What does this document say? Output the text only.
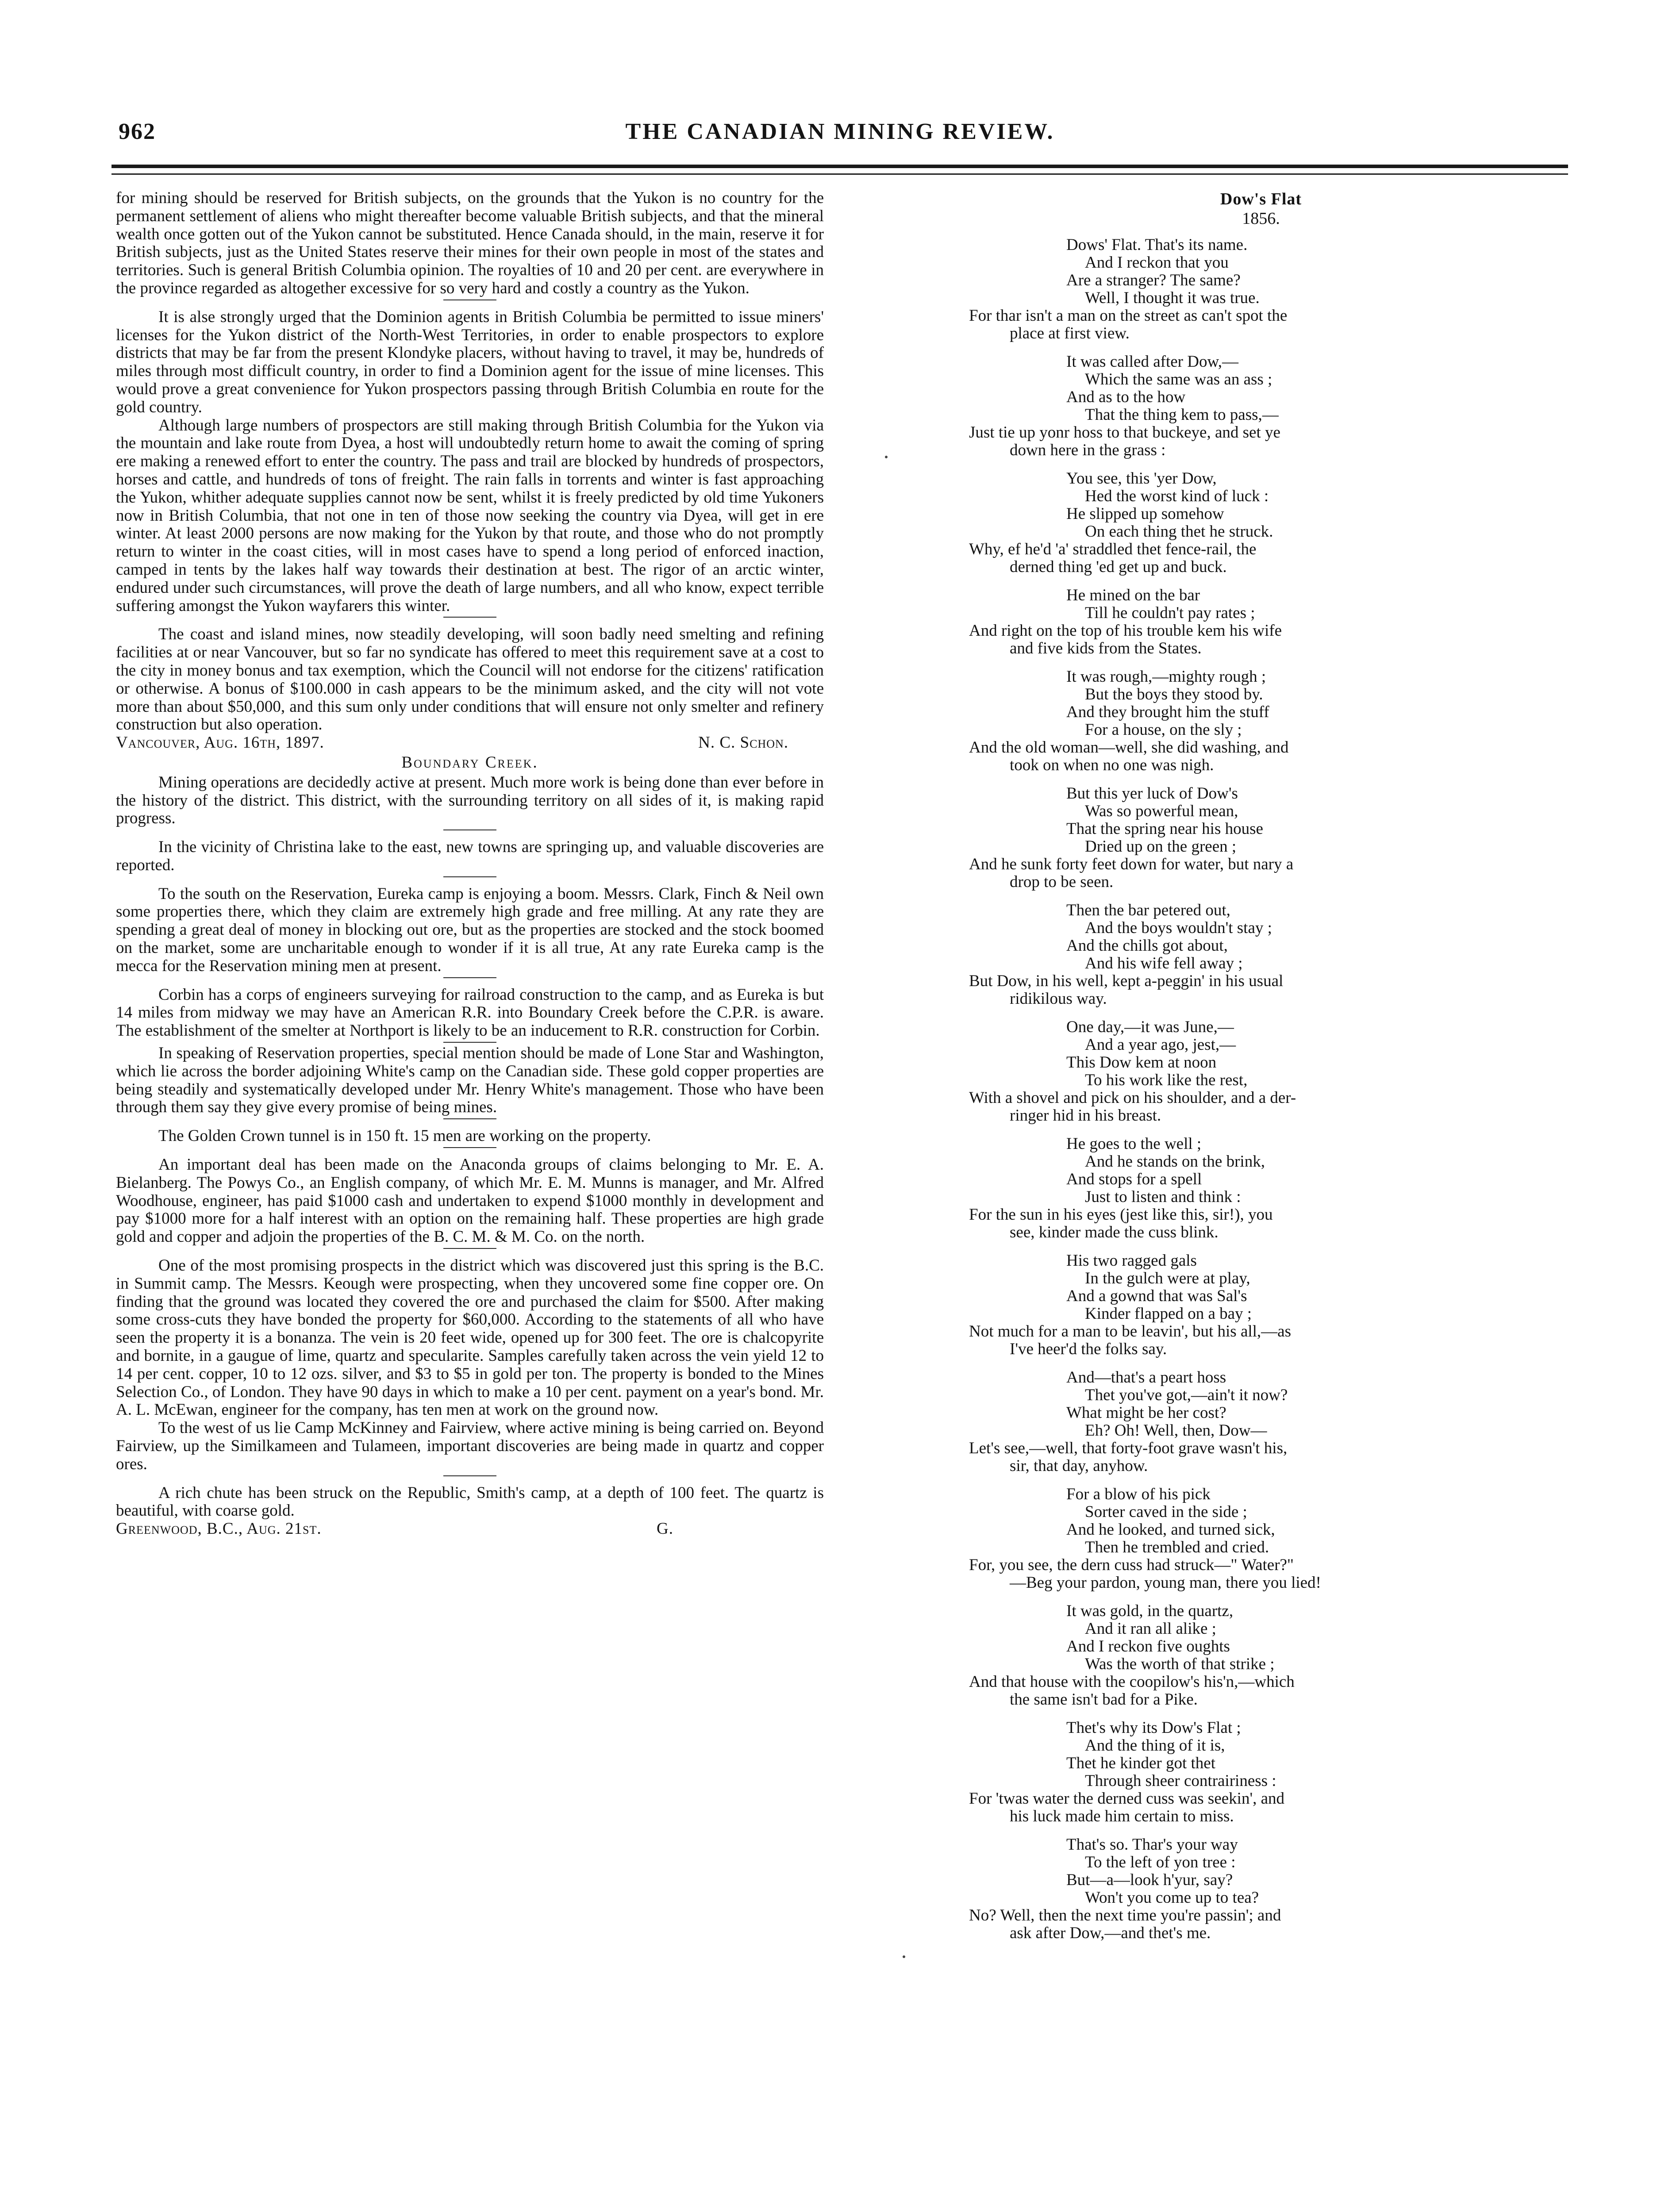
THE CANADIAN MINING REVIEW.
962

for mining should be reserved for British subjects, on the grounds that the Yukon is no country for the permanent settlement of aliens who might thereafter become valuable British subjects, and that the mineral wealth once gotten out of the Yukon cannot be substituted. Hence Canada should, in the main, reserve it for British subjects, just as the United States reserve their mines for their own people in most of the states and territories. Such is general British Columbia opinion. The royalties of 10 and 20 per cent. are everywhere in the province regarded as altogether excessive for so very hard and costly a country as the Yukon.

It is alse strongly urged that the Dominion agents in British Columbia be permitted to issue miners' licenses for the Yukon district of the North-West Territories, in order to enable prospectors to explore districts that may be far from the present Klondyke placers, without having to travel, it may be, hundreds of miles through most difficult country, in order to find a Dominion agent for the issue of mine licenses. This would prove a great convenience for Yukon prospectors passing through British Columbia en route for the gold country.

Although large numbers of prospectors are still making through British Columbia for the Yukon via the mountain and lake route from Dyea, a host will undoubtedly return home to await the coming of spring ere making a renewed effort to enter the country. The pass and trail are blocked by hundreds of prospectors, horses and cattle, and hundreds of tons of freight. The rain falls in torrents and winter is fast approaching the Yukon, whither adequate supplies cannot now be sent, whilst it is freely predicted by old time Yukoners now in British Columbia, that not one in ten of those now seeking the country via Dyea, will get in ere winter. At least 2000 persons are now making for the Yukon by that route, and those who do not promptly return to winter in the coast cities, will in most cases have to spend a long period of enforced inaction, camped in tents by the lakes half way towards their destination at best. The rigor of an arctic winter, endured under such circumstances, will prove the death of large numbers, and all who know, expect terrible suffering amongst the Yukon wayfarers this winter.

The coast and island mines, now steadily developing, will soon badly need smelting and refining facilities at or near Vancouver, but so far no syndicate has offered to meet this requirement save at a cost to the city in money bonus and tax exemption, which the Council will not endorse for the citizens' ratification or otherwise. A bonus of $100.000 in cash appears to be the minimum asked, and the city will not vote more than about $50,000, and this sum only under conditions that will ensure not only smelter and refinery construction but also operation.

Vancouver, Aug. 16th, 1897.	N. C. Schon.
Boundary Creek.

Mining operations are decidedly active at present. Much more work is being done than ever before in the history of the district. This district, with the surrounding territory on all sides of it, is making rapid progress.

In the vicinity of Christina lake to the east, new towns are springing up, and valuable discoveries are reported.

To the south on the Reservation, Eureka camp is enjoying a boom. Messrs. Clark, Finch & Neil own some properties there, which they claim are extremely high grade and free milling. At any rate they are spending a great deal of money in blocking out ore, but as the properties are stocked and the stock boomed on the market, some are uncharitable enough to wonder if it is all true, At any rate Eureka camp is the mecca for the Reservation mining men at present.

Corbin has a corps of engineers surveying for railroad construction to the camp, and as Eureka is but 14 miles from midway we may have an American R.R. into Boundary Creek before the C.P.R. is aware. The establishment of the smelter at Northport is likely to be an inducement to R.R. construction for Corbin.

In speaking of Reservation properties, special mention should be made of Lone Star and Washington, which lie across the border adjoining White's camp on the Canadian side. These gold copper properties are being steadily and systematically developed under Mr. Henry White's management. Those who have been through them say they give every promise of being mines.

The Golden Crown tunnel is in 150 ft. 15 men are working on the property.

An important deal has been made on the Anaconda groups of claims belonging to Mr. E. A. Bielanberg. The Powys Co., an English company, of which Mr. E. M. Munns is manager, and Mr. Alfred Woodhouse, engineer, has paid $1000 cash and undertaken to expend $1000 monthly in development and pay $1000 more for a half interest with an option on the remaining half. These properties are high grade gold and copper and adjoin the properties of the B. C. M. & M. Co. on the north.

One of the most promising prospects in the district which was discovered just this spring is the B.C. in Summit camp. The Messrs. Keough were prospecting, when they uncovered some fine copper ore. On finding that the ground was located they covered the ore and purchased the claim for $500. After making some cross-cuts they have bonded the property for $60,000. According to the statements of all who have seen the property it is a bonanza. The vein is 20 feet wide, opened up for 300 feet. The ore is chalcopyrite and bornite, in a gaugue of lime, quartz and specularite. Samples carefully taken across the vein yield 12 to 14 per cent. copper, 10 to 12 ozs. silver, and $3 to $5 in gold per ton. The property is bonded to the Mines Selection Co., of London. They have 90 days in which to make a 10 per cent. payment on a year's bond. Mr. A. L. McEwan, engineer for the company, has ten men at work on the ground now.

To the west of us lie Camp McKinney and Fairview, where active mining is being carried on. Beyond Fairview, up the Similkameen and Tulameen, important discoveries are being made in quartz and copper ores.

A rich chute has been struck on the Republic, Smith's camp, at a depth of 100 feet. The quartz is beautiful, with coarse gold.

Greenwood, B.C., Aug. 21st.	G.
Dow's Flat
1856.
Dows' Flat. That's its name.
And I reckon that you
Are a stranger? The same?
Well, I thought it was true.
For thar isn't a man on the street as can't spot the
place at first view.
It was called after Dow,—
Which the same was an ass ;
And as to the how
That the thing kem to pass,—
Just tie up yonr hoss to that buckeye, and set ye
down here in the grass :
You see, this 'yer Dow,
Hed the worst kind of luck :
He slipped up somehow
On each thing thet he struck.
Why, ef he'd 'a' straddled thet fence-rail, the
derned thing 'ed get up and buck.
He mined on the bar
Till he couldn't pay rates ;
And right on the top of his trouble kem his wife
and five kids from the States.
It was rough,—mighty rough ;
But the boys they stood by.
And they brought him the stuff
For a house, on the sly ;
And the old woman—well, she did washing, and
took on when no one was nigh.
But this yer luck of Dow's
Was so powerful mean,
That the spring near his house
Dried up on the green ;
And he sunk forty feet down for water, but nary a
drop to be seen.
Then the bar petered out,
And the boys wouldn't stay ;
And the chills got about,
And his wife fell away ;
But Dow, in his well, kept a-peggin' in his usual
ridikilous way.
One day,—it was June,—
And a year ago, jest,—
This Dow kem at noon
To his work like the rest,
With a shovel and pick on his shoulder, and a der-
ringer hid in his breast.
He goes to the well ;
And he stands on the brink,
And stops for a spell
Just to listen and think :
For the sun in his eyes (jest like this, sir!), you
see, kinder made the cuss blink.
His two ragged gals
In the gulch were at play,
And a gownd that was Sal's
Kinder flapped on a bay ;
Not much for a man to be leavin', but his all,—as
I've heer'd the folks say.
And—that's a peart hoss
Thet you've got,—ain't it now?
What might be her cost?
Eh? Oh! Well, then, Dow—
Let's see,—well, that forty-foot grave wasn't his,
sir, that day, anyhow.
For a blow of his pick
Sorter caved in the side ;
And he looked, and turned sick,
Then he trembled and cried.
For, you see, the dern cuss had struck—" Water?"
—Beg your pardon, young man, there you lied!
It was gold, in the quartz,
And it ran all alike ;
And I reckon five oughts
Was the worth of that strike ;
And that house with the coopilow's his'n,—which
the same isn't bad for a Pike.
Thet's why its Dow's Flat ;
And the thing of it is,
Thet he kinder got thet
Through sheer contrairiness :
For 'twas water the derned cuss was seekin', and
his luck made him certain to miss.
That's so. Thar's your way
To the left of yon tree :
But—a—look h'yur, say?
Won't you come up to tea?
No? Well, then the next time you're passin'; and
ask after Dow,—and thet's me.
